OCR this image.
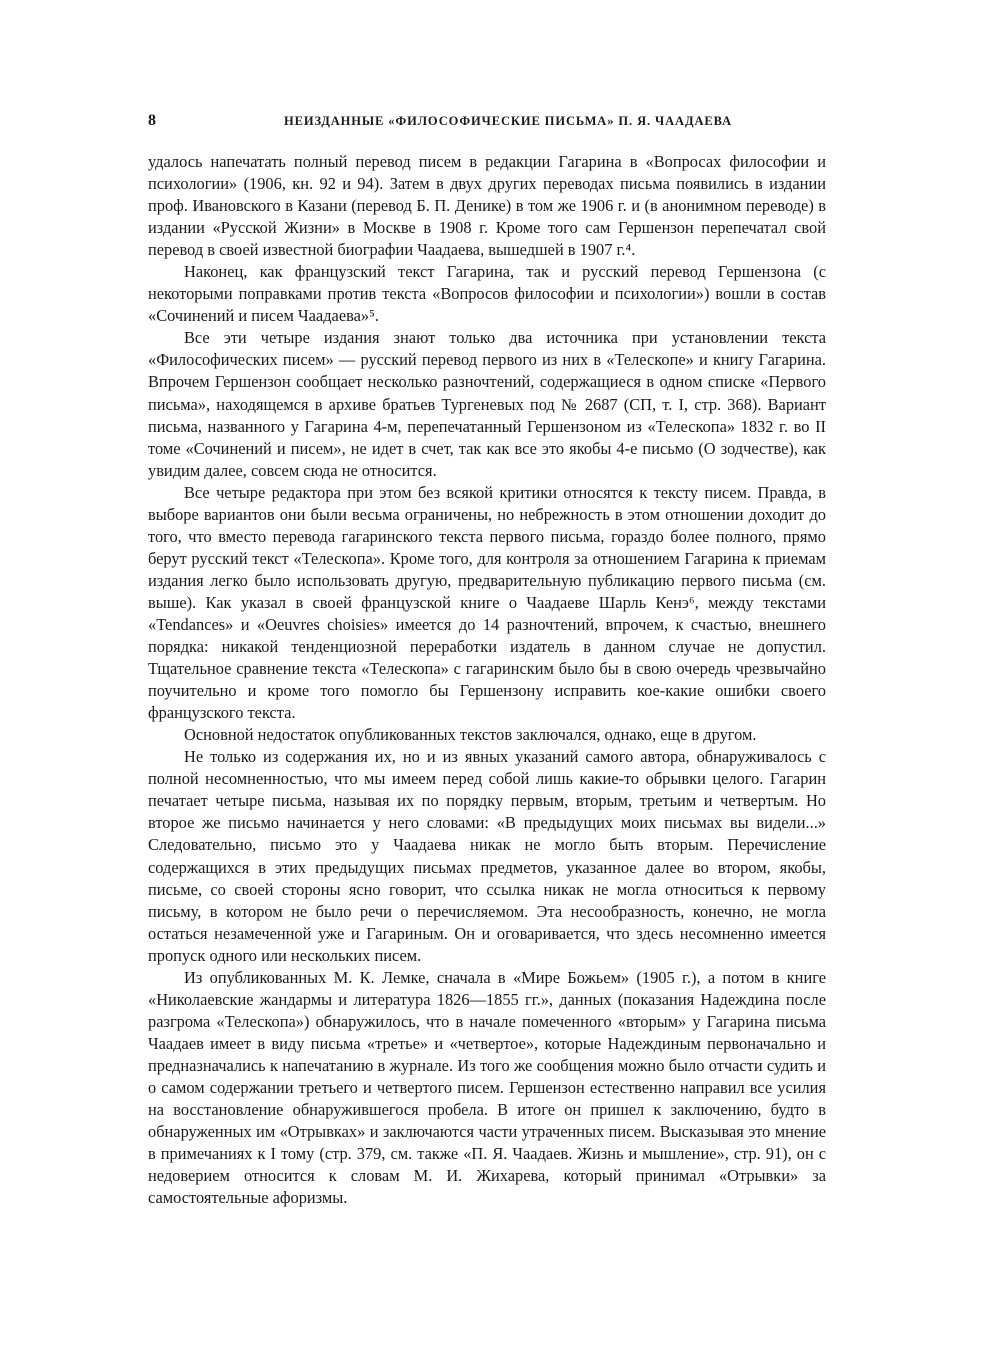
8	НЕИЗДАННЫЕ «ФИЛОСОФИЧЕСКИЕ ПИСЬМА» П. Я. ЧААДАЕВА

удалось напечатать полный перевод писем в редакции Гагарина в «Вопросах философии и психологии» (1906, кн. 92 и 94). Затем в двух других переводах письма появились в издании проф. Ивановского в Казани (перевод Б. П. Денике) в том же 1906 г. и (в анонимном переводе) в издании «Русской Жизни» в Москве в 1908 г. Кроме того сам Гершензон перепечатал свой перевод в своей известной биографии Чаадаева, вышедшей в 1907 г.⁴.

Наконец, как французский текст Гагарина, так и русский перевод Гершензона (с некоторыми поправками против текста «Вопросов философии и психологии») вошли в состав «Сочинений и писем Чаадаева»⁵.

Все эти четыре издания знают только два источника при установлении текста «Философических писем» — русский перевод первого из них в «Телескопе» и книгу Гагарина. Впрочем Гершензон сообщает несколько разночтений, содержащиеся в одном списке «Первого письма», находящемся в архиве братьев Тургеневых под № 2687 (СП, т. I, стр. 368). Вариант письма, названного у Гагарина 4-м, перепечатанный Гершензоном из «Телескопа» 1832 г. во II томе «Сочинений и писем», не идет в счет, так как все это якобы 4-е письмо (О зодчестве), как увидим далее, совсем сюда не относится.

Все четыре редактора при этом без всякой критики относятся к тексту писем. Правда, в выборе вариантов они были весьма ограничены, но небрежность в этом отношении доходит до того, что вместо перевода гагаринского текста первого письма, гораздо более полного, прямо берут русский текст «Телескопа». Кроме того, для контроля за отношением Гагарина к приемам издания легко было использовать другую, предварительную публикацию первого письма (см. выше). Как указал в своей французской книге о Чаадаеве Шарль Кенэ⁶, между текстами «Tendances» и «Oeuvres choisies» имеется до 14 разночтений, впрочем, к счастью, внешнего порядка: никакой тенденциозной переработки издатель в данном случае не допустил. Тщательное сравнение текста «Телескопа» с гагаринским было бы в свою очередь чрезвычайно поучительно и кроме того помогло бы Гершензону исправить кое-какие ошибки своего французского текста.

Основной недостаток опубликованных текстов заключался, однако, еще в другом.

Не только из содержания их, но и из явных указаний самого автора, обнаруживалось с полной несомненностью, что мы имеем перед собой лишь какие-то обрывки целого. Гагарин печатает четыре письма, называя их по порядку первым, вторым, третьим и четвертым. Но второе же письмо начинается у него словами: «В предыдущих моих письмах вы видели...» Следовательно, письмо это у Чаадаева никак не могло быть вторым. Перечисление содержащихся в этих предыдущих письмах предметов, указанное далее во втором, якобы, письме, со своей стороны ясно говорит, что ссылка никак не могла относиться к первому письму, в котором не было речи о перечисляемом. Эта несообразность, конечно, не могла остаться незамеченной уже и Гагариным. Он и оговаривается, что здесь несомненно имеется пропуск одного или нескольких писем.

Из опубликованных М. К. Лемке, сначала в «Мире Божьем» (1905 г.), а потом в книге «Николаевские жандармы и литература 1826—1855 гг.», данных (показания Надеждина после разгрома «Телескопа») обнаружилось, что в начале помеченного «вторым» у Гагарина письма Чаадаев имеет в виду письма «третье» и «четвертое», которые Надеждиным первоначально и предназначались к напечатанию в журнале. Из того же сообщения можно было отчасти судить и о самом содержании третьего и четвертого писем. Гершензон естественно направил все усилия на восстановление обнаружившегося пробела. В итоге он пришел к заключению, будто в обнаруженных им «Отрывках» и заключаются части утраченных писем. Высказывая это мнение в примечаниях к I тому (стр. 379, см. также «П. Я. Чаадаев. Жизнь и мышление», стр. 91), он с недоверием относится к словам М. И. Жихарева, который принимал «Отрывки» за самостоятельные афоризмы.
